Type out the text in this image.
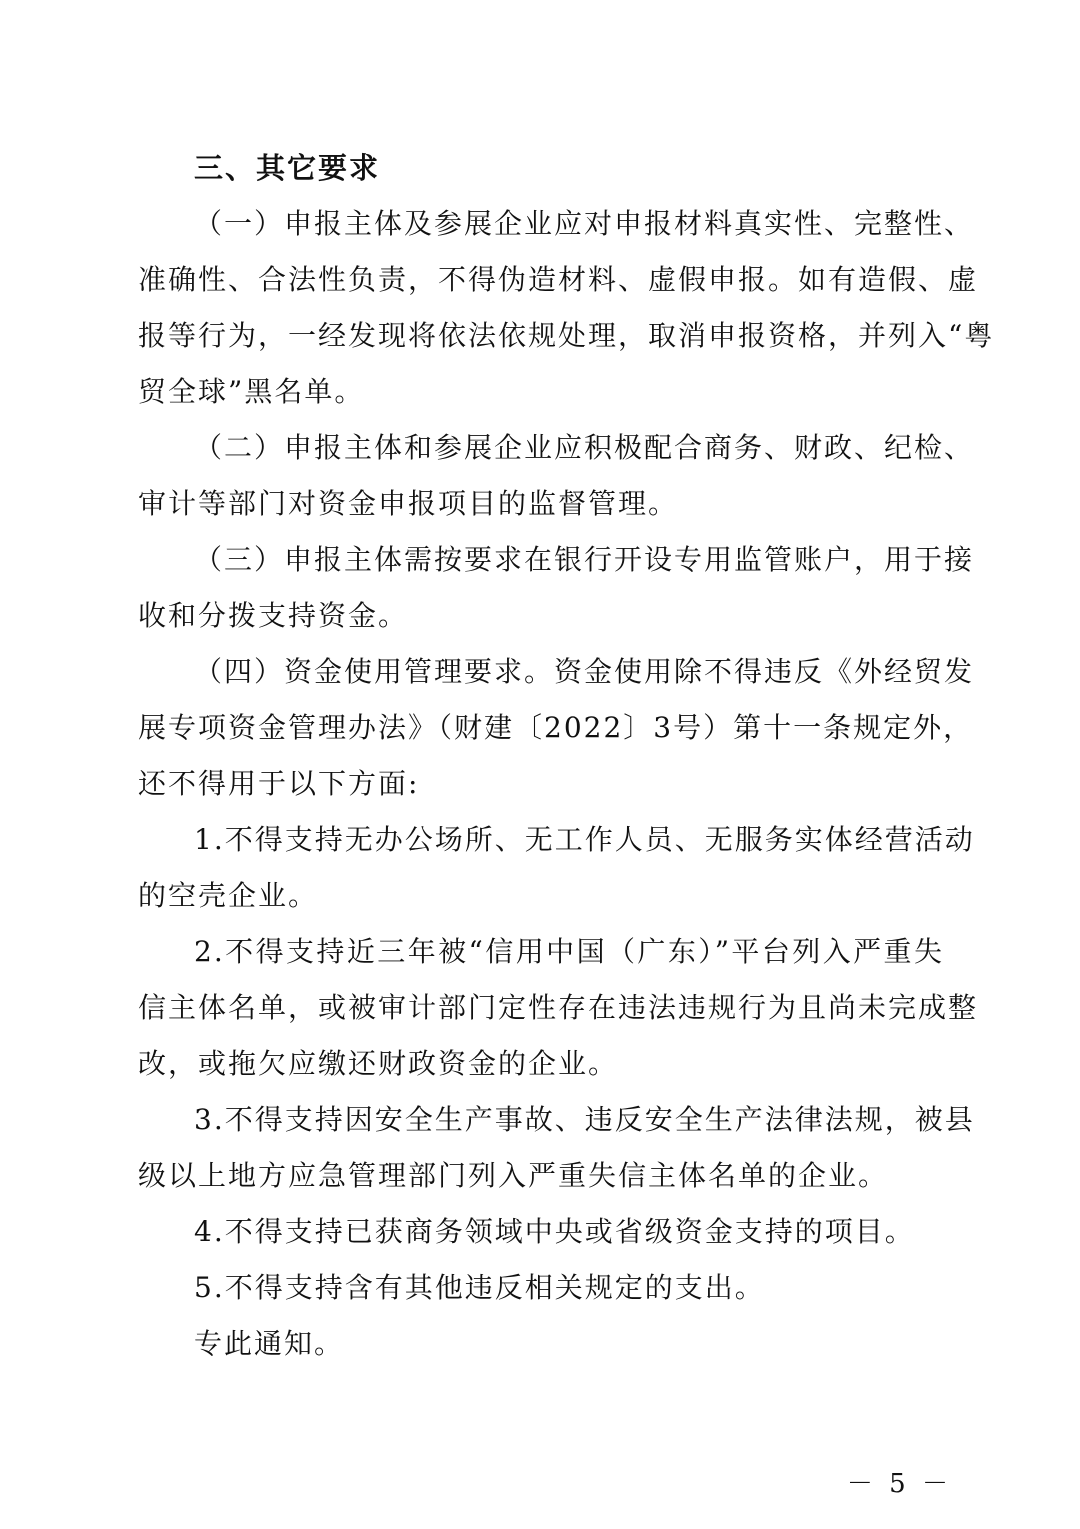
三、其它要求
（一）申报主体及参展企业应对申报材料真实性、完整性、
准确性、合法性负责，不得伪造材料、虚假申报。如有造假、虚
报等行为，一经发现将依法依规处理，取消申报资格，并列入“粤
贸全球”黑名单。
（二）申报主体和参展企业应积极配合商务、财政、纪检、
审计等部门对资金申报项目的监督管理。
（三）申报主体需按要求在银行开设专用监管账户，用于接
收和分拨支持资金。
（四）资金使用管理要求。资金使用除不得违反《外经贸发
展专项资金管理办法》（财建〔2022〕3号）第十一条规定外，
还不得用于以下方面:
1.不得支持无办公场所、无工作人员、无服务实体经营活动
的空壳企业。
2.不得支持近三年被“信用中国（广东）”平台列入严重失
信主体名单，或被审计部门定性存在违法违规行为且尚未完成整
改，或拖欠应缴还财政资金的企业。
3.不得支持因安全生产事故、违反安全生产法律法规，被县
级以上地方应急管理部门列入严重失信主体名单的企业。
4.不得支持已获商务领域中央或省级资金支持的项目。
5.不得支持含有其他违反相关规定的支出。
专此通知。
－ 5 －
